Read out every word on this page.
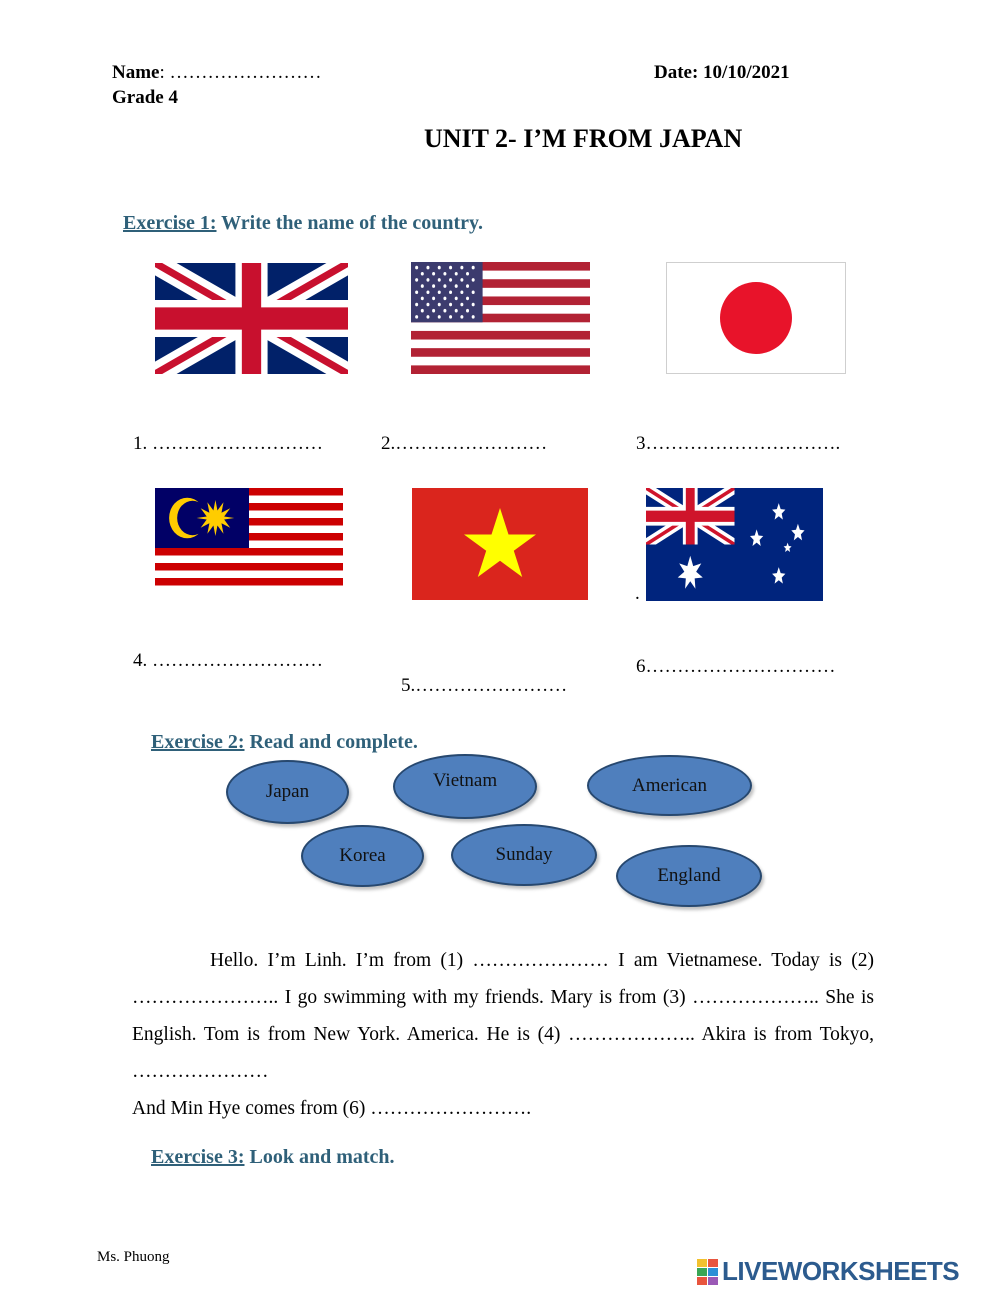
Name: ……………………	Date: 10/10/2021
Grade 4
UNIT 2- I’M FROM JAPAN
Exercise 1: Write the name of the country.
1. ………………………	2.……………………	3………………………….
.
4. ………………………
5.……………………
6…………………………
Exercise 2: Read and complete.
Japan
Vietnam	American
Korea	Sunday
England

Hello. I’m Linh. I’m from (1) ………………… I am Vietnamese. Today is (2) ………………….. I go swimming with my friends. Mary is from (3) ……………….. She is English. Tom is from New York. America. He is (4) ……………….. Akira is from Tokyo, …………………

And Min Hye comes from (6) …………………….

Exercise 3: Look and match.
Ms. Phuong	LIVEWORKSHEETS
